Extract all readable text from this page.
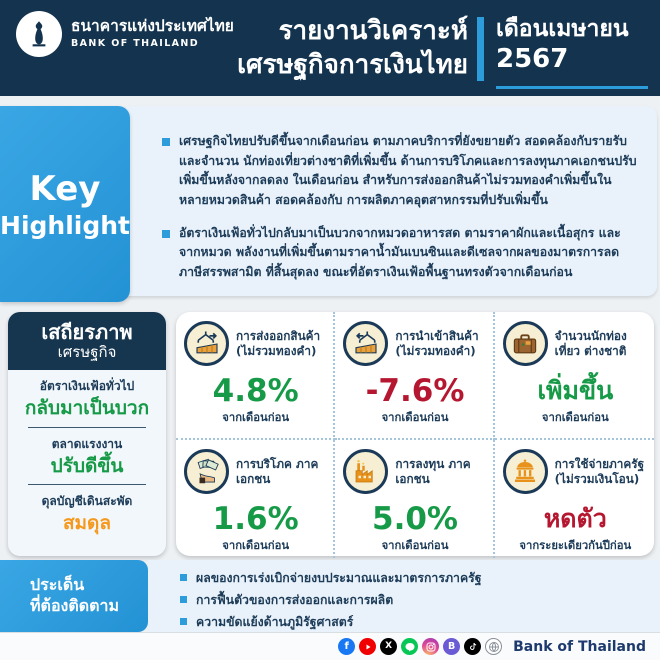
ธนาคารแห่งประเทศไทย
BANK OF THAILAND	รายงานวิเคราะห์
เศรษฐกิจการเงินไทย
เดือนเมษายน
2567
เศรษฐกิจไทยปรับดีขึ้นจากเดือนก่อน ตามภาคบริการที่ยังขยายตัว สอดคล้องกับรายรับและจำนวน นักท่องเที่ยวต่างชาติที่เพิ่มขึ้น ด้านการบริโภคและการลงทุนภาคเอกชนปรับเพิ่มขึ้นหลังจากลดลง ในเดือนก่อน สำหรับการส่งออกสินค้าไม่รวมทองคำเพิ่มขึ้นในหลายหมวดสินค้า สอดคล้องกับ การผลิตภาคอุตสาหกรรมที่ปรับเพิ่มขึ้น
อัตราเงินเฟ้อทั่วไปกลับมาเป็นบวกจากหมวดอาหารสด ตามราคาผักและเนื้อสุกร และจากหมวด พลังงานที่เพิ่มขึ้นตามราคาน้ำมันเบนซินและดีเซลจากผลของมาตรการลดภาษีสรรพสามิต ที่สิ้นสุดลง ขณะที่อัตราเงินเฟ้อพื้นฐานทรงตัวจากเดือนก่อน
Key
Highlight
เสถียรภาพ
เศรษฐกิจ
อัตราเงินเฟ้อทั่วไป
กลับมาเป็นบวก
ตลาดแรงงาน
ปรับดีขึ้น
ดุลบัญชีเดินสะพัด
สมดุล
การส่งออกสินค้า (ไม่รวมทองคำ)
4.8%
จากเดือนก่อน
การนำเข้าสินค้า (ไม่รวมทองคำ)
-7.6%
จากเดือนก่อน
จำนวนนักท่องเที่ยว ต่างชาติ
เพิ่มขึ้น
จากเดือนก่อน
การบริโภค ภาคเอกชน
1.6%
จากเดือนก่อน
การลงทุน ภาคเอกชน
5.0%
จากเดือนก่อน
การใช้จ่ายภาครัฐ (ไม่รวมเงินโอน)
หดตัว
จากระยะเดียวกันปีก่อน
ผลของการเร่งเบิกจ่ายงบประมาณและมาตรการภาครัฐ
การฟื้นตัวของการส่งออกและการผลิต
ความขัดแย้งด้านภูมิรัฐศาสตร์
ประเด็น
ที่ต้องติดตาม
f	X	B	Bank of Thailand
